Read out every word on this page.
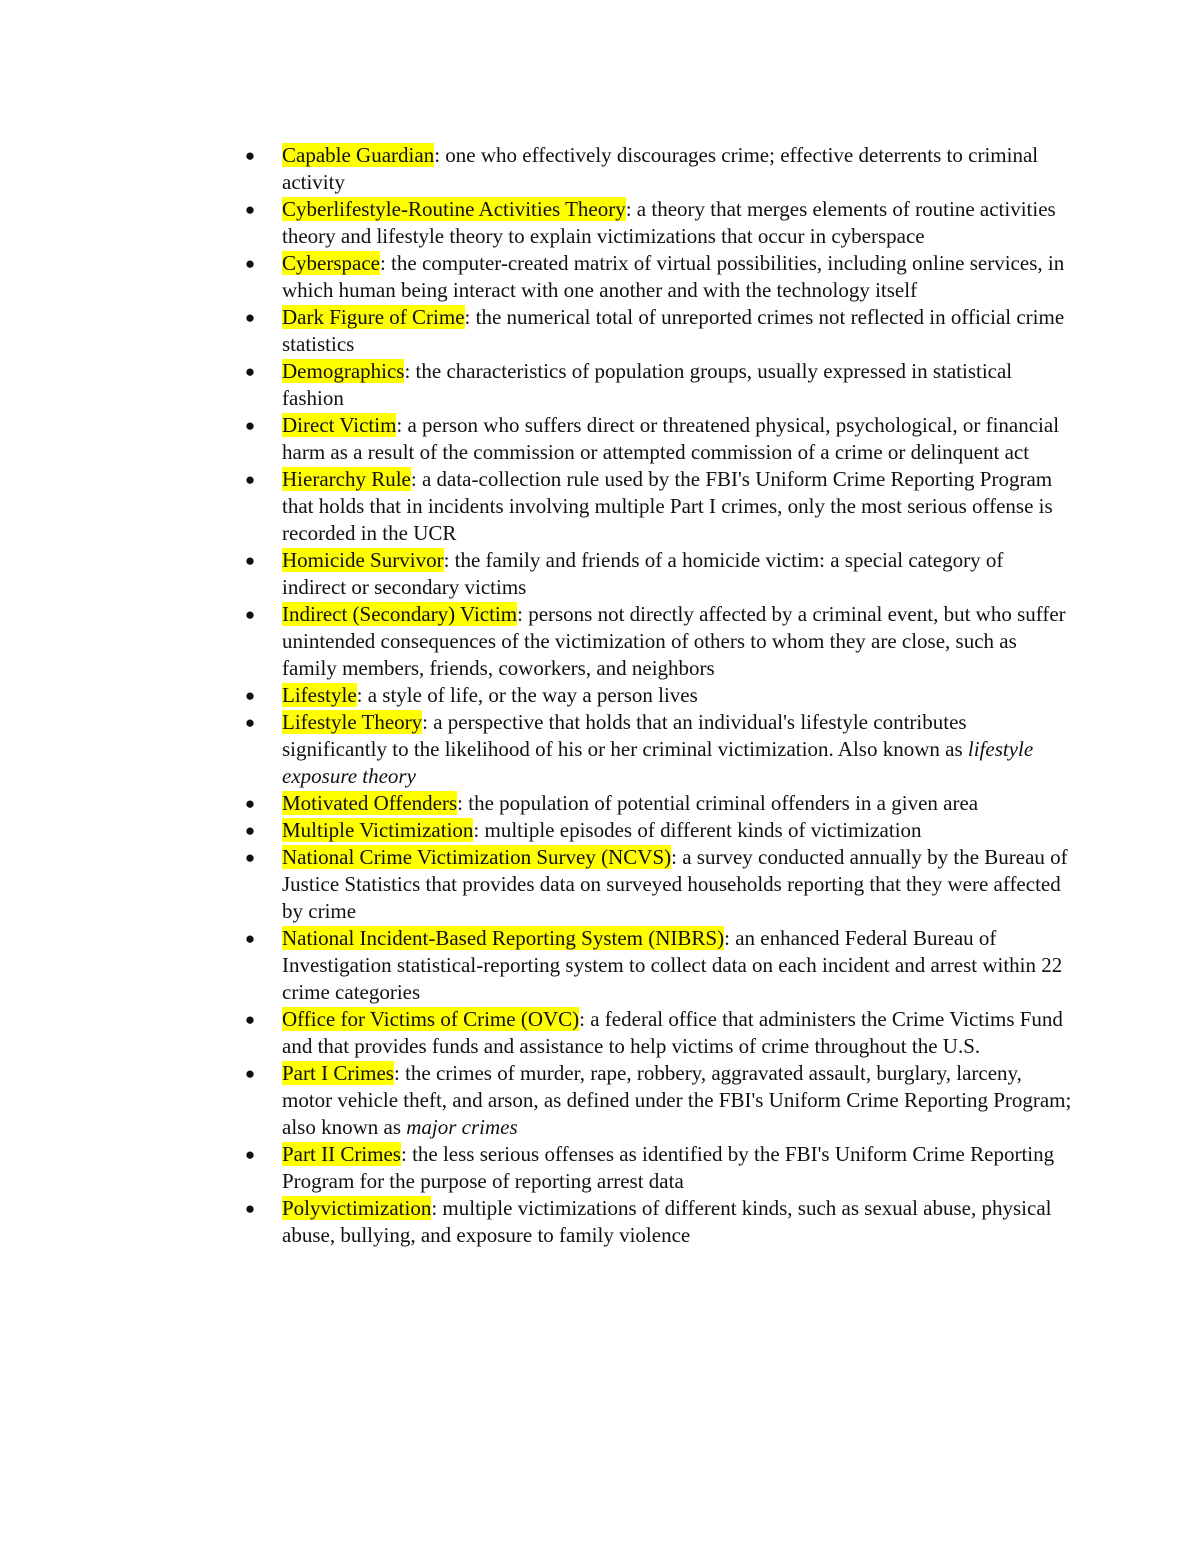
● Capable Guardian: one who effectively discourages crime; effective deterrents to criminal activity
● Cyberlifestyle-Routine Activities Theory: a theory that merges elements of routine activities theory and lifestyle theory to explain victimizations that occur in cyberspace
● Cyberspace: the computer-created matrix of virtual possibilities, including online services, in which human being interact with one another and with the technology itself
● Dark Figure of Crime: the numerical total of unreported crimes not reflected in official crime statistics
● Demographics: the characteristics of population groups, usually expressed in statistical fashion
● Direct Victim: a person who suffers direct or threatened physical, psychological, or financial harm as a result of the commission or attempted commission of a crime or delinquent act
● Hierarchy Rule: a data-collection rule used by the FBI's Uniform Crime Reporting Program that holds that in incidents involving multiple Part I crimes, only the most serious offense is recorded in the UCR
● Homicide Survivor: the family and friends of a homicide victim: a special category of indirect or secondary victims
● Indirect (Secondary) Victim: persons not directly affected by a criminal event, but who suffer unintended consequences of the victimization of others to whom they are close, such as family members, friends, coworkers, and neighbors
● Lifestyle: a style of life, or the way a person lives
● Lifestyle Theory: a perspective that holds that an individual's lifestyle contributes significantly to the likelihood of his or her criminal victimization. Also known as lifestyle exposure theory
● Motivated Offenders: the population of potential criminal offenders in a given area
● Multiple Victimization: multiple episodes of different kinds of victimization
● National Crime Victimization Survey (NCVS): a survey conducted annually by the Bureau of Justice Statistics that provides data on surveyed households reporting that they were affected by crime
● National Incident-Based Reporting System (NIBRS): an enhanced Federal Bureau of Investigation statistical-reporting system to collect data on each incident and arrest within 22 crime categories
● Office for Victims of Crime (OVC): a federal office that administers the Crime Victims Fund and that provides funds and assistance to help victims of crime throughout the U.S.
● Part I Crimes: the crimes of murder, rape, robbery, aggravated assault, burglary, larceny, motor vehicle theft, and arson, as defined under the FBI's Uniform Crime Reporting Program; also known as major crimes
● Part II Crimes: the less serious offenses as identified by the FBI's Uniform Crime Reporting Program for the purpose of reporting arrest data
● Polyvictimization: multiple victimizations of different kinds, such as sexual abuse, physical abuse, bullying, and exposure to family violence
